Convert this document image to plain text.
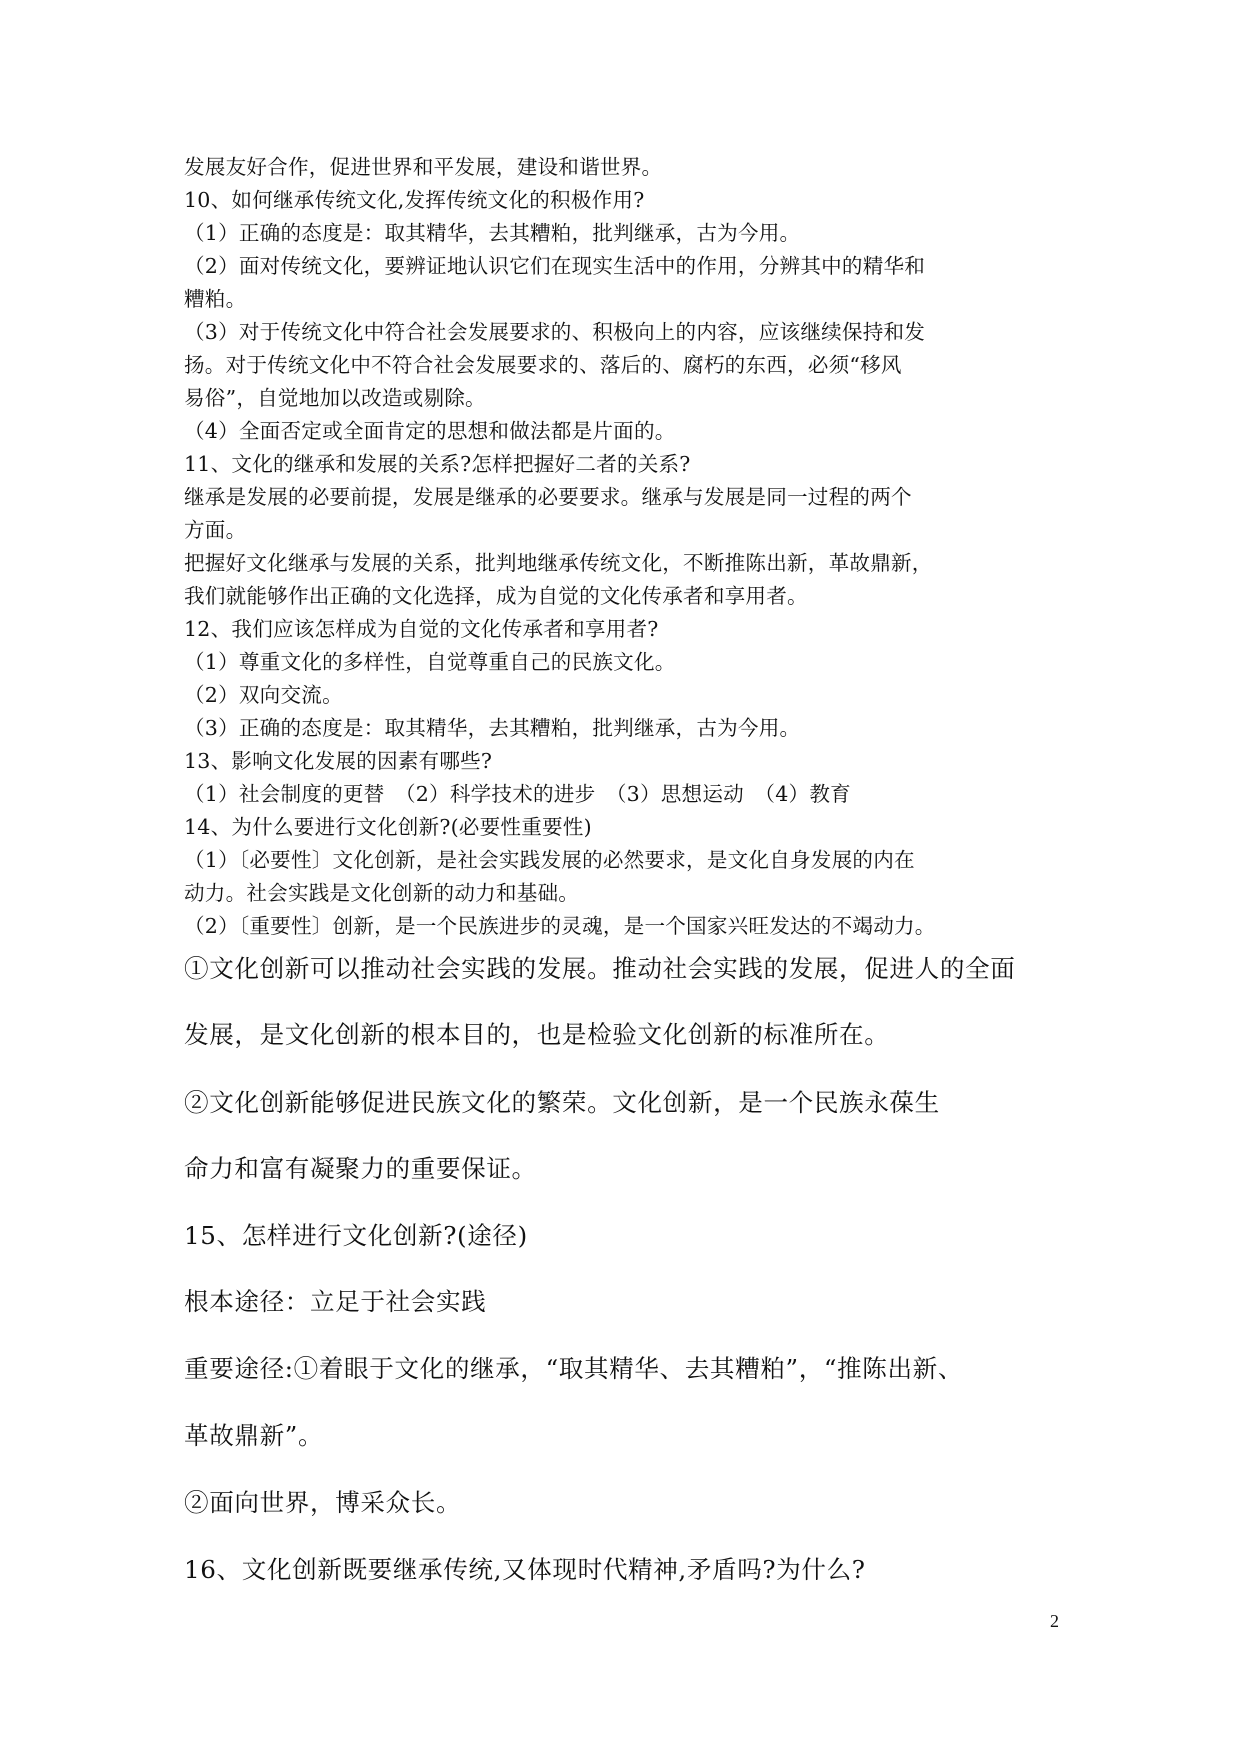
发展友好合作，促进世界和平发展，建设和谐世界。
10、如何继承传统文化,发挥传统文化的积极作用?
（1）正确的态度是：取其精华，去其糟粕，批判继承，古为今用。
（2）面对传统文化，要辨证地认识它们在现实生活中的作用，分辨其中的精华和
糟粕。
（3）对于传统文化中符合社会发展要求的、积极向上的内容，应该继续保持和发
扬。对于传统文化中不符合社会发展要求的、落后的、腐朽的东西，必须“移风
易俗”，自觉地加以改造或剔除。
（4）全面否定或全面肯定的思想和做法都是片面的。
11、文化的继承和发展的关系?怎样把握好二者的关系?
继承是发展的必要前提，发展是继承的必要要求。继承与发展是同一过程的两个
方面。
把握好文化继承与发展的关系，批判地继承传统文化，不断推陈出新，革故鼎新，
我们就能够作出正确的文化选择，成为自觉的文化传承者和享用者。
12、我们应该怎样成为自觉的文化传承者和享用者?
（1）尊重文化的多样性，自觉尊重自己的民族文化。
（2）双向交流。
（3）正确的态度是：取其精华，去其糟粕，批判继承，古为今用。
13、影响文化发展的因素有哪些?
（1）社会制度的更替　（2）科学技术的进步　（3）思想运动　（4）教育
14、为什么要进行文化创新?(必要性重要性)
（1）〔必要性〕文化创新，是社会实践发展的必然要求，是文化自身发展的内在
动力。社会实践是文化创新的动力和基础。
（2）〔重要性〕创新，是一个民族进步的灵魂，是一个国家兴旺发达的不竭动力。
①文化创新可以推动社会实践的发展。推动社会实践的发展，促进人的全面
发展，是文化创新的根本目的，也是检验文化创新的标准所在。
②文化创新能够促进民族文化的繁荣。文化创新，是一个民族永葆生
命力和富有凝聚力的重要保证。
15、怎样进行文化创新?(途径)
根本途径：立足于社会实践
重要途径:①着眼于文化的继承，“取其精华、去其糟粕”，“推陈出新、
革故鼎新”。
②面向世界，博采众长。
16、文化创新既要继承传统,又体现时代精神,矛盾吗?为什么?
2
